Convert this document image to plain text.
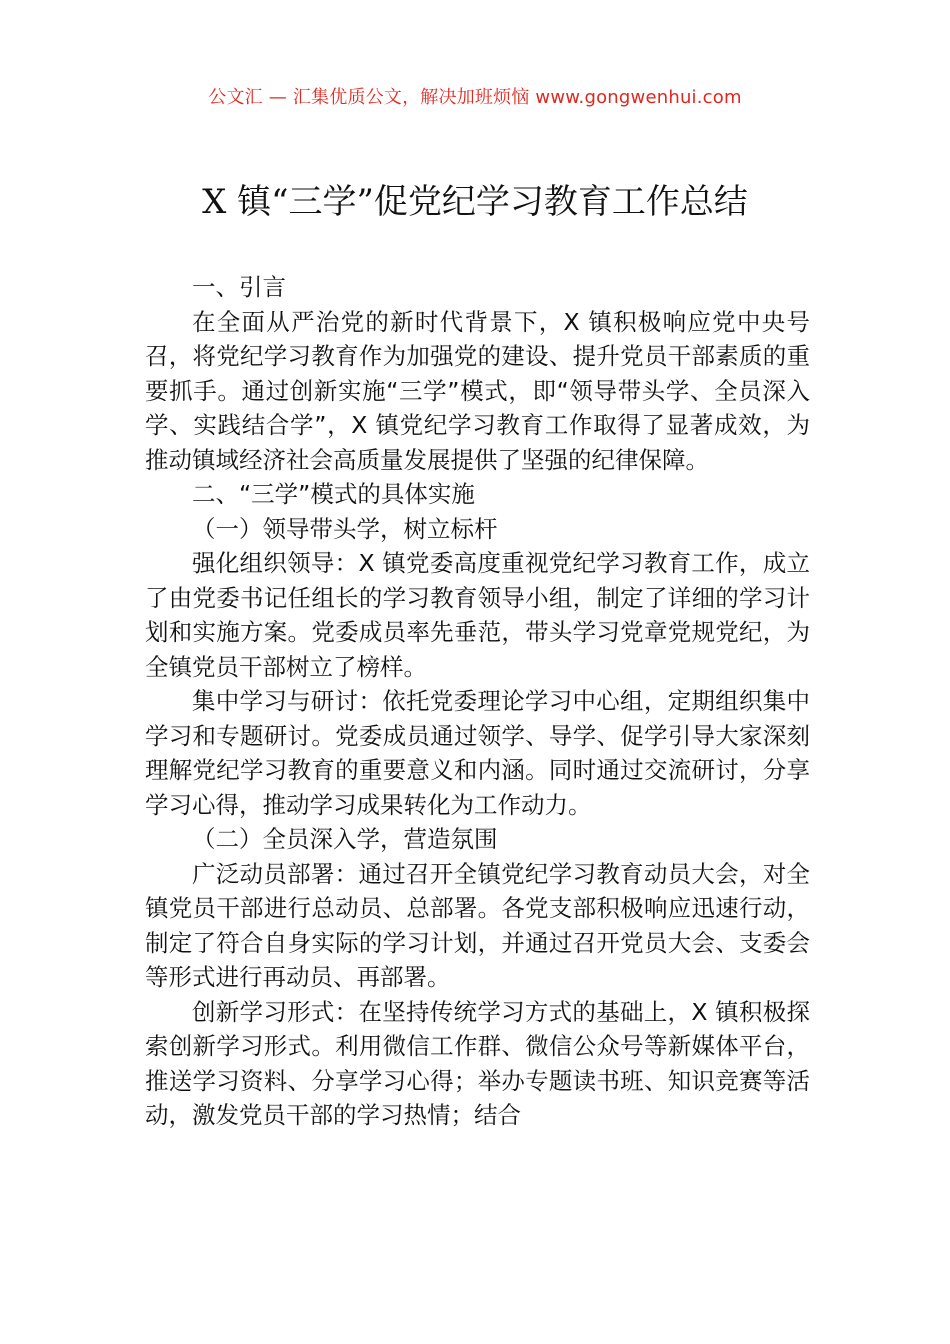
公文汇 — 汇集优质公文，解决加班烦恼 www.gongwenhui.com
X 镇“三学”促党纪学习教育工作总结

一、引言

在全面从严治党的新时代背景下，X 镇积极响应党中央号召，将党纪学习教育作为加强党的建设、提升党员干部素质的重要抓手。通过创新实施“三学”模式，即“领导带头学、全员深入学、实践结合学”，X 镇党纪学习教育工作取得了显著成效，为推动镇域经济社会高质量发展提供了坚强的纪律保障。

二、“三学”模式的具体实施

（一）领导带头学，树立标杆

强化组织领导：X 镇党委高度重视党纪学习教育工作，成立了由党委书记任组长的学习教育领导小组，制定了详细的学习计划和实施方案。党委成员率先垂范，带头学习党章党规党纪，为全镇党员干部树立了榜样。

集中学习与研讨：依托党委理论学习中心组，定期组织集中学习和专题研讨。党委成员通过领学、导学、促学引导大家深刻理解党纪学习教育的重要意义和内涵。同时通过交流研讨，分享学习心得，推动学习成果转化为工作动力。

（二）全员深入学，营造氛围

广泛动员部署：通过召开全镇党纪学习教育动员大会，对全镇党员干部进行总动员、总部署。各党支部积极响应迅速行动，制定了符合自身实际的学习计划，并通过召开党员大会、支委会等形式进行再动员、再部署。

创新学习形式：在坚持传统学习方式的基础上，X 镇积极探索创新学习形式。利用微信工作群、微信公众号等新媒体平台，推送学习资料、分享学习心得；举办专题读书班、知识竞赛等活动，激发党员干部的学习热情；结合
